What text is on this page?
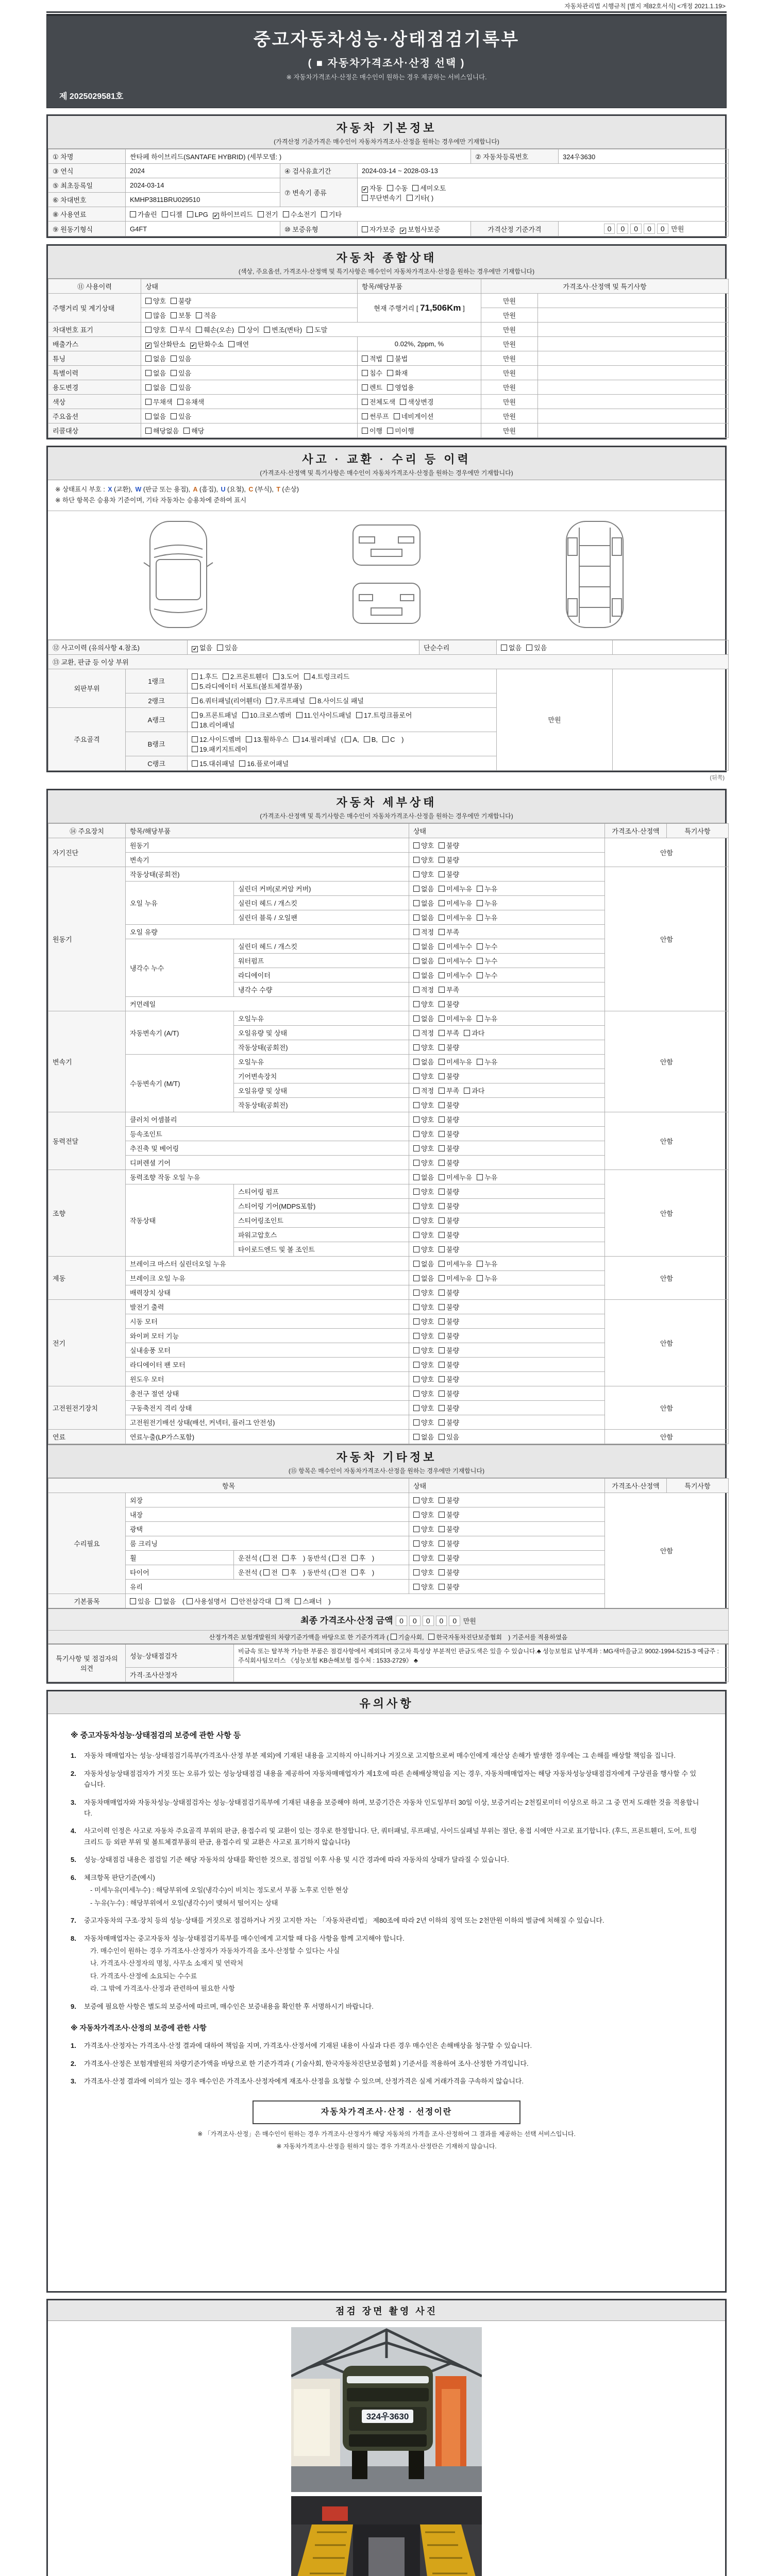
자동차관리법 시행규칙 [별지 제82호서식] <개정 2021.1.19>
중고자동차성능·상태점검기록부
( ■ 자동차가격조사·산정 선택 )
※ 자동차가격조사·산정은 매수인이 원하는 경우 제공하는 서비스입니다.
제 2025029581호
자동차 기본정보
(가격산정 기준가격은 매수인이 자동차가격조사·산정을 원하는 경우에만 기재합니다)
① 차명	싼타페 하이브리드(SANTAFE HYBRID) (세부모델: )			② 자동차등록번호	324우3630
③ 연식	2024	④ 검사유효기간	2024-03-14 ~ 2028-03-13		
⑤ 최초등록일	2024-03-14	⑦ 변속기 종류	✔ 자동 수동 세미오토
무단변속기 기타( )		
⑥ 차대번호	KMHP3811BRU029510				
⑧ 사용연료	가솔린 디젤 LPG ✔ 하이브리드 전기 수소전기 기타				
⑨ 원동기형식	G4FT	⑩ 보증유형	자가보증 ✔ 보험사보증	가격산정 기준가격	0 0 0 0 0 만원
자동차 종합상태
(색상, 주요옵션, 가격조사·산정액 및 특기사항은 매수인이 자동차가격조사·산정을 원하는 경우에만 기재합니다)
⑪ 사용이력	상태	항목/해당부품	가격조사·산정액 및 특기사항	
주행거리 및 계기상태	양호 불량	현재 주행거리 [ 71,506Km ]	만원	
	많음 보통 적음		만원	
차대번호 표기	양호 부식 훼손(오손) 상이 변조(변타) 도말		만원	
배출가스	✔ 일산화탄소 ✔ 탄화수소 매연	0.02%, 2ppm, %	만원	
튜닝	없음 있음	적법 불법	만원	
특별이력	없음 있음	침수 화재	만원	
용도변경	없음 있음	렌트 영업용	만원	
색상	무채색 유채색	전체도색 색상변경	만원	
주요옵션	없음 있음	썬루프 네비게이션	만원	
리콜대상	해당없음 해당	이행 미이행	만원	
사고 · 교환 · 수리 등 이력
(가격조사·산정액 및 특기사항은 매수인이 자동차가격조사·산정을 원하는 경우에만 기재합니다)
※ 상태표시 부호 : X (교환), W (판금 또는 용접), A (흠집), U (요철), C (부식), T (손상)
※ 하단 항목은 승용차 기준이며, 기타 자동차는 승용차에 준하여 표시
⑫ 사고이력 (유의사항 4.참조)		✔ 없음 있음	단순수리	없음 있음	
⑬ 교환, 판금 등 이상 부위					
외판부위	1랭크	1.후드 2.프론트휀더 3.도어 4.트렁크리드
5.라디에이터 서포트(볼트체결부품)		만원	
	2랭크	6.쿼터패널(리어휀더) 7.루프패널 8.사이드실 패널			
주요골격	A랭크	9.프론트패널 10.크로스멤버 11.인사이드패널 17.트렁크플로어
18.리어패널			
	B랭크	12.사이드멤버 13.휠하우스 14.필러패널 ( A, B, C )
19.패키지트레이			
	C랭크	15.대쉬패널 16.플로어패널			
(뒤쪽)
자동차 세부상태
(가격조사·산정액 및 특기사항은 매수인이 자동차가격조사·산정을 원하는 경우에만 기재합니다)
⑭ 주요장치	항목/해당부품		상태	가격조사·산정액	특기사항
자기진단	원동기		양호 불량	안함	
	변속기		양호 불량		
원동기	작동상태(공회전)		양호 불량	안함	
	오일 누유	실린더 커버(로커암 커버)	없음 미세누유 누유		
		실린더 헤드 / 개스킷	없음 미세누유 누유		
		실린더 블록 / 오일팬	없음 미세누유 누유		
	오일 유량		적정 부족		
	냉각수 누수	실린더 헤드 / 개스킷	없음 미세누수 누수		
		워터펌프	없음 미세누수 누수		
		라디에이터	없음 미세누수 누수		
		냉각수 수량	적정 부족		
	커먼레일		양호 불량		
변속기	자동변속기 (A/T)	오일누유	없음 미세누유 누유	안함	
		오일유량 및 상태	적정 부족 과다		
		작동상태(공회전)	양호 불량		
	수동변속기 (M/T)	오일누유	없음 미세누유 누유		
		기어변속장치	양호 불량		
		오일유량 및 상태	적정 부족 과다		
		작동상태(공회전)	양호 불량		
동력전달	클러치 어셈블리		양호 불량	안함	
	등속조인트		양호 불량		
	추진축 및 베어링		양호 불량		
	디퍼렌셜 기어		양호 불량		
조향	동력조향 작동 오일 누유		없음 미세누유 누유	안함	
	작동상태	스티어링 펌프	양호 불량		
		스티어링 기어(MDPS포함)	양호 불량		
		스티어링조인트	양호 불량		
		파워고압호스	양호 불량		
		타이로드엔드 및 볼 조인트	양호 불량		
제동	브레이크 마스터 실린더오일 누유		없음 미세누유 누유	안함	
	브레이크 오일 누유		없음 미세누유 누유		
	배력장치 상태		양호 불량		
전기	발전기 출력		양호 불량	안함	
	시동 모터		양호 불량		
	와이퍼 모터 기능		양호 불량		
	실내송풍 모터		양호 불량		
	라디에이터 팬 모터		양호 불량		
	윈도우 모터		양호 불량		
고전원전기장치	충전구 절연 상태		양호 불량	안함	
	구동축전지 격리 상태		양호 불량		
	고전원전기배선 상태(배선, 커넥터, 플러그 안전성)		양호 불량		
연료	연료누출(LP가스포함)		없음 있음	안함	
자동차 기타정보
(⑮ 항목은 매수인이 자동차가격조사·산정을 원하는 경우에만 기재합니다)
항목			상태	가격조사·산정액	특기사항
수리필요	외장		양호 불량	안함	
	내장		양호 불량		
	광택		양호 불량		
	룸 크리닝		양호 불량		
	휠	운전석 ( 전 후 ) 동반석 ( 전 후 )	양호 불량		
	타이어	운전석 ( 전 후 ) 동반석 ( 전 후 )	양호 불량		
	유리		양호 불량		
기본품목	있음 없음 ( 사용설명서 안전삼각대 잭 스패너 )				
최종 가격조사·산정 금액 0 0 0 0 0 만원					
산정가격은 보험개발원의 차량기준가액을 바탕으로 한 기준가격과 ( 기술사회, 한국자동차진단보증협회 ) 기준서를 적용하였음					
특기사항 및 점검자의 의견	성능·상태점검자	비금속 또는 탈부착 가능한 부품은 점검사항에서 제외되며 중고차 특성상 부분적인 판금도색은 있을 수 있습니다.♣ 성능보험료 납부계좌 : MG새마을금고 9002-1994-5215-3 예금주 : 주식회사팀모터스 《성능보험 KB손해보험 접수처 : 1533-2729》 ♣			
	가격·조사산정자				
유의사항
※ 중고자동차성능·상태점검의 보증에 관한 사항 등
1.	자동차 매매업자는 성능·상태점검기록부(가격조사·산정 부분 제외)에 기재된 내용을 고지하지 아니하거나 거짓으로 고지함으로써 매수인에게 재산상 손해가 발생한 경우에는 그 손해를 배상할 책임을 집니다.
2.	자동차성능상태점검자가 거짓 또는 오류가 있는 성능상태점검 내용을 제공하여 자동차매매업자가 제1호에 따른 손해배상책임을 지는 경우, 자동차매매업자는 해당 자동차성능상태점검자에게 구상권을 행사할 수 있습니다.
3.	자동차매매업자와 자동차성능·상태점검자는 성능·상태점검기록부에 기재된 내용을 보증해야 하며, 보증기간은 자동차 인도일부터 30일 이상, 보증거리는 2천킬로미터 이상으로 하고 그 중 먼저 도래한 것을 적용합니다.
4.	사고이력 인정은 사고로 자동차 주요골격 부위의 판금, 용접수리 및 교환이 있는 경우로 한정합니다. 단, 쿼터패널, 루프패널, 사이드실패널 부위는 절단, 용접 시에만 사고로 표기합니다. (후드, 프론트휀더, 도어, 트렁크리드 등 외판 부위 및 볼트체결부품의 판금, 용접수리 및 교환은 사고로 표기하지 않습니다)
5.	성능·상태점검 내용은 점검일 기준 해당 자동차의 상태를 확인한 것으로, 점검일 이후 사용 및 시간 경과에 따라 자동차의 상태가 달라질 수 있습니다.
6.	체크항목 판단기준(예시)
- 미세누유(미세누수) : 해당부위에 오일(냉각수)이 비치는 정도로서 부품 노후로 인한 현상
- 누유(누수) : 해당부위에서 오일(냉각수)이 맺혀서 떨어지는 상태
7.	중고자동차의 구조·장치 등의 성능·상태를 거짓으로 점검하거나 거짓 고지한 자는 「자동차관리법」 제80조에 따라 2년 이하의 징역 또는 2천만원 이하의 벌금에 처해질 수 있습니다.
8.	자동차매매업자는 중고자동차 성능·상태점검기록부를 매수인에게 고지할 때 다음 사항을 함께 고지해야 합니다.
가. 매수인이 원하는 경우 가격조사·산정자가 자동차가격을 조사·산정할 수 있다는 사실
나. 가격조사·산정자의 명칭, 사무소 소재지 및 연락처
다. 가격조사·산정에 소요되는 수수료
라. 그 밖에 가격조사·산정과 관련하여 필요한 사항
9.	보증에 필요한 사항은 별도의 보증서에 따르며, 매수인은 보증내용을 확인한 후 서명하시기 바랍니다.
※ 자동차가격조사·산정의 보증에 관한 사항
1.	가격조사·산정자는 가격조사·산정 결과에 대하여 책임을 지며, 가격조사·산정서에 기재된 내용이 사실과 다른 경우 매수인은 손해배상을 청구할 수 있습니다.
2.	가격조사·산정은 보험개발원의 차량기준가액을 바탕으로 한 기준가격과 ( 기술사회, 한국자동차진단보증협회 ) 기준서를 적용하여 조사·산정한 가격입니다.
3.	가격조사·산정 결과에 이의가 있는 경우 매수인은 가격조사·산정자에게 재조사·산정을 요청할 수 있으며, 산정가격은 실제 거래가격을 구속하지 않습니다.
자동차가격조사·산정 · 선정이란
※ 「가격조사·산정」은 매수인이 원하는 경우 가격조사·산정자가 해당 자동차의 가격을 조사·산정하여 그 결과를 제공하는 선택 서비스입니다.
※ 자동차가격조사·산정을 원하지 않는 경우 가격조사·산정란은 기재하지 않습니다.
점검 장면 촬영 사진
324우3630
